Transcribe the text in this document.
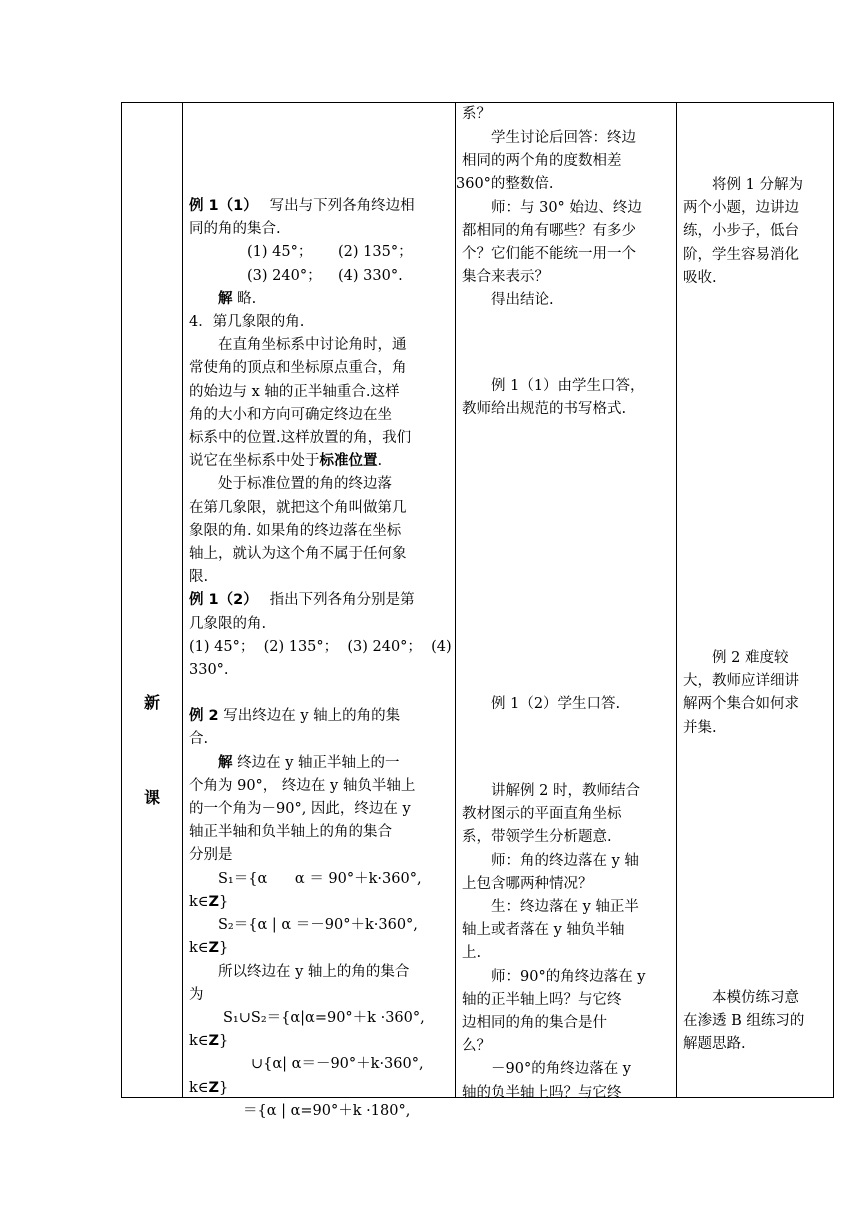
新
课

例 1（1）　 写出与下列各角终边相

同的角的集合.

(1) 45°； (2) 135°；

(3) 240°； (4) 330°.

解 略.

4．第几象限的角.

在直角坐标系中讨论角时，通

常使角的顶点和坐标原点重合，角

的始边与 x 轴的正半轴重合.这样

角的大小和方向可确定终边在坐

标系中的位置.这样放置的角，我们

说它在坐标系中处于标准位置.

处于标准位置的角的终边落

在第几象限，就把这个角叫做第几

象限的角. 如果角的终边落在坐标

轴上，就认为这个角不属于任何象

限.

例 1（2）　 指出下列各角分别是第

几象限的角.

(1) 45°；  (2) 135°；  (3) 240°；  (4)

330°.

例 2 写出终边在 y 轴上的角的集

合.

解 终边在 y 轴正半轴上的一

个角为 90°， 终边在 y 轴负半轴上

的一个角为－90°, 因此，终边在 y

轴正半轴和负半轴上的角的集合

分别是

S₁＝{α      α ＝ 90°＋k·360°,

k∈Z}

S₂＝{α | α ＝－90°＋k·360°,

k∈Z}

所以终边在 y 轴上的角的集合

为

S₁∪S₂＝{α|α=90°＋k ·360°,

k∈Z}

∪{α| α＝－90°＋k·360°,

k∈Z}

＝{α | α=90°＋k ·180°,

系？

学生讨论后回答：终边

相同的两个角的度数相差

360°的整数倍.

师：与 30° 始边、终边

都相同的角有哪些？有多少

个？它们能不能统一用一个

集合来表示？

得出结论.

例 1（1）由学生口答，

教师给出规范的书写格式.

例 1（2）学生口答.

讲解例 2 时，教师结合

教材图示的平面直角坐标

系，带领学生分析题意.

师：角的终边落在 y 轴

上包含哪两种情况？

生：终边落在 y 轴正半

轴上或者落在 y 轴负半轴

上.

师：90°的角终边落在 y

轴的正半轴上吗？与它终

边相同的角的集合是什

么？

－90°的角终边落在 y

轴的负半轴上吗？与它终

将例 1 分解为

两个小题，边讲边

练，小步子，低台

阶，学生容易消化

吸收.

例 2 难度较

大，教师应详细讲

解两个集合如何求

并集.

本模仿练习意

在渗透 B 组练习的

解题思路.
